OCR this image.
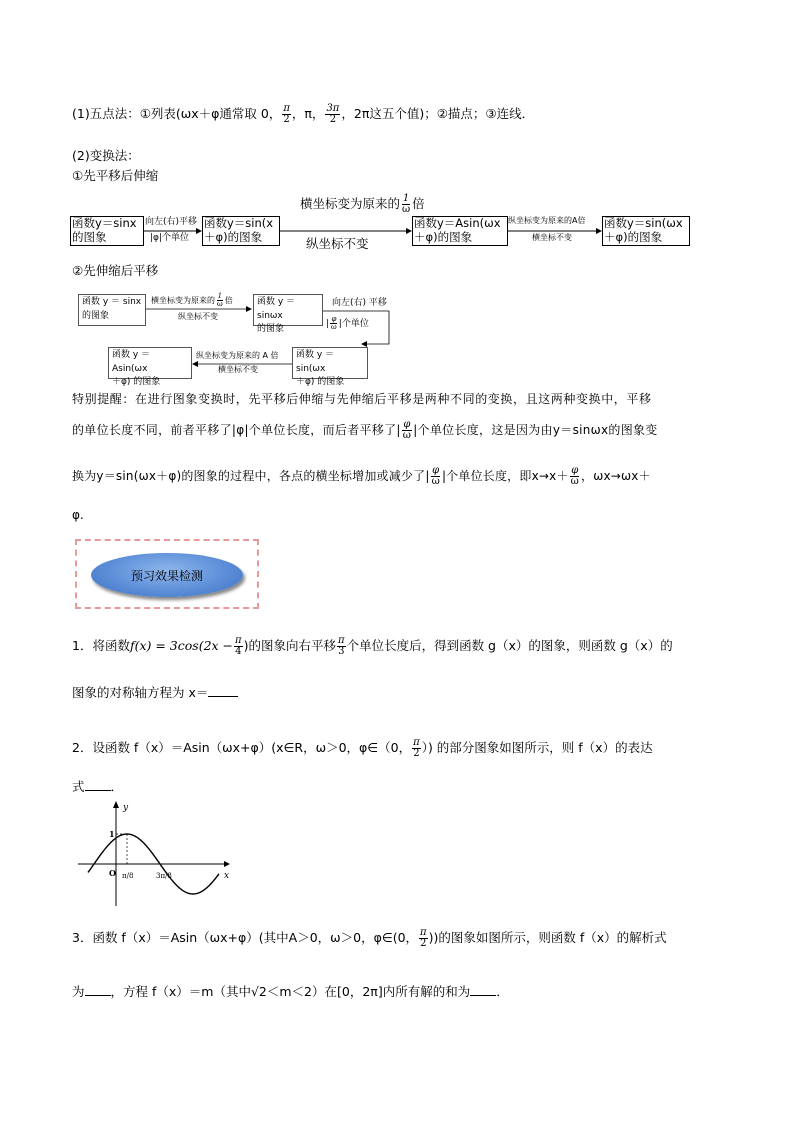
(1)五点法：①列表(ωx＋φ通常取 0， $\frac{\pi}{2}$ ，π， $\frac{3\pi}{2}$ ，2π这五个值)；②描点；③连线．
(2)变换法：
①先平移后伸缩
函数y＝sinx
的图象
向左(右)平移
|φ|个单位
函数y＝sin(x
＋φ)的图象
横坐标变为原来的 $\frac{1}{\omega}$ 倍
纵坐标不变
函数y＝Asin(ωx
＋φ)的图象
纵坐标变为原来的A倍
横坐标不变
函数y＝sin(ωx
＋φ)的图象
②先伸缩后平移
函数 y ＝ sinx
的图象
横坐标变为原来的 $\frac{1}{\omega}$ 倍
纵坐标不变
函数 y ＝ sinωx
的图象
向左(右) 平移
| $\frac{\varphi}{\omega}$ |个单位
函数 y ＝ sin(ωx
＋φ) 的图象
纵坐标变为原来的 A 倍
横坐标不变
函数 y ＝ Asin(ωx
＋φ) 的图象
特别提醒：在进行图象变换时，先平移后伸缩与先伸缩后平移是两种不同的变换，且这两种变换中，平移
的单位长度不同，前者平移了|φ|个单位长度，而后者平移了| $\frac{\varphi}{\omega}$ |个单位长度，这是因为由y＝sinωx的图象变
换为y＝sin(ωx＋φ)的图象的过程中，各点的横坐标增加或减少了| $\frac{\varphi}{\omega}$ |个单位长度，即$x\to x+ \frac{\varphi}{\omega}$ ，ωx→ωx＋
φ.
预习效果检测
1．将函数$f(x) = 3\cos(2x - \frac{\pi}{4}$ )的图象向右平移 $\frac{\pi}{3}$ 个单位长度后，得到函数 g（x）的图象，则函数 g（x）的
图象的对称轴方程为 x＝
2．设函数 f（x）＝Asin（ωx+φ）(x∈R，ω＞0，φ∈（0， $\frac{\pi}{2}$ ）) 的部分图象如图所示，则 f（x）的表达
式 ．
y
x
O
1
π/8	3π/8
3．函数 f（x）＝Asin（ωx+φ）(其中A＞0，ω＞0，φ∈(0， $\frac{\pi}{2}$ ))的图象如图所示，则函数 f（x）的解析式
为 ，方程 f（x）＝m（其中√2＜m＜2）在[0，2π]内所有解的和为 ．
